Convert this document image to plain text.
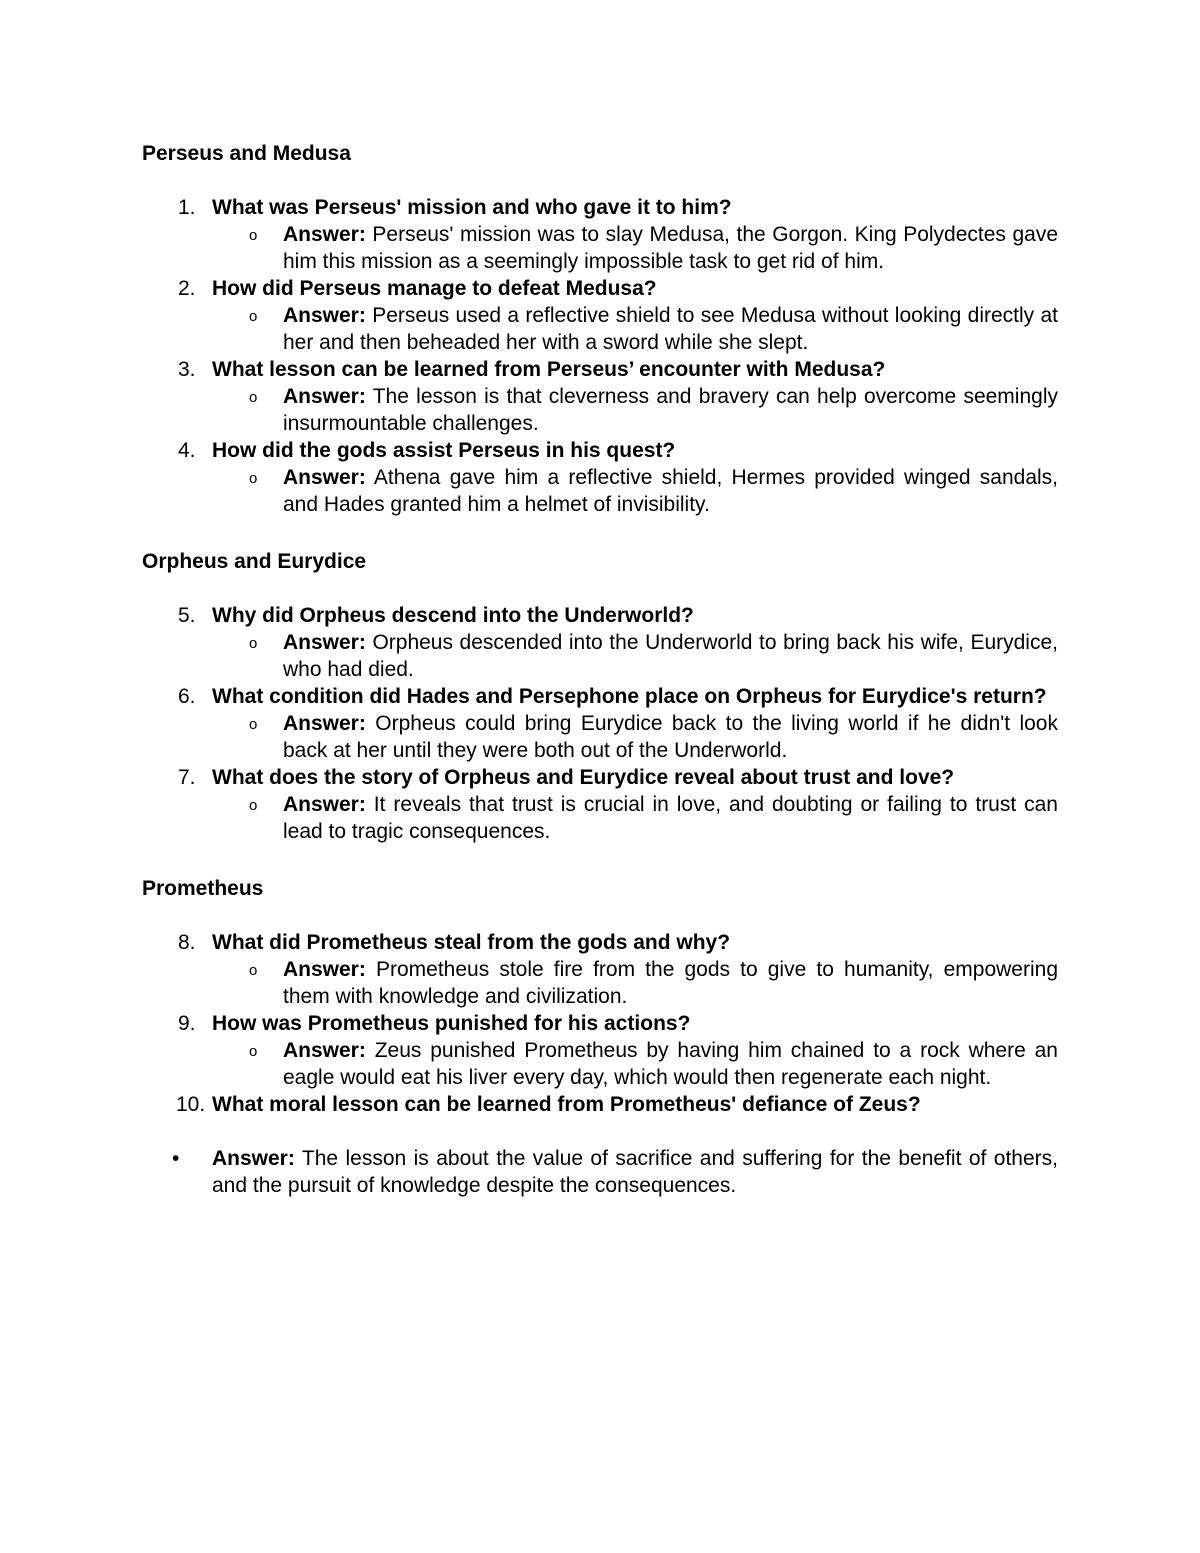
Perseus and Medusa

1. What was Perseus' mission and who gave it to him?
o Answer: Perseus' mission was to slay Medusa, the Gorgon. King Polydectes gave him this mission as a seemingly impossible task to get rid of him.
2. How did Perseus manage to defeat Medusa?
o Answer: Perseus used a reflective shield to see Medusa without looking directly at her and then beheaded her with a sword while she slept.
3. What lesson can be learned from Perseus’ encounter with Medusa?
o Answer: The lesson is that cleverness and bravery can help overcome seemingly insurmountable challenges.
4. How did the gods assist Perseus in his quest?
o Answer: Athena gave him a reflective shield, Hermes provided winged sandals, and Hades granted him a helmet of invisibility.

Orpheus and Eurydice

5. Why did Orpheus descend into the Underworld?
o Answer: Orpheus descended into the Underworld to bring back his wife, Eurydice, who had died.
6. What condition did Hades and Persephone place on Orpheus for Eurydice's return?
o Answer: Orpheus could bring Eurydice back to the living world if he didn't look back at her until they were both out of the Underworld.
7. What does the story of Orpheus and Eurydice reveal about trust and love?
o Answer: It reveals that trust is crucial in love, and doubting or failing to trust can lead to tragic consequences.

Prometheus

8. What did Prometheus steal from the gods and why?
o Answer: Prometheus stole fire from the gods to give to humanity, empowering them with knowledge and civilization.
9. How was Prometheus punished for his actions?
o Answer: Zeus punished Prometheus by having him chained to a rock where an eagle would eat his liver every day, which would then regenerate each night.
10. What moral lesson can be learned from Prometheus' defiance of Zeus?
• Answer: The lesson is about the value of sacrifice and suffering for the benefit of others, and the pursuit of knowledge despite the consequences.
